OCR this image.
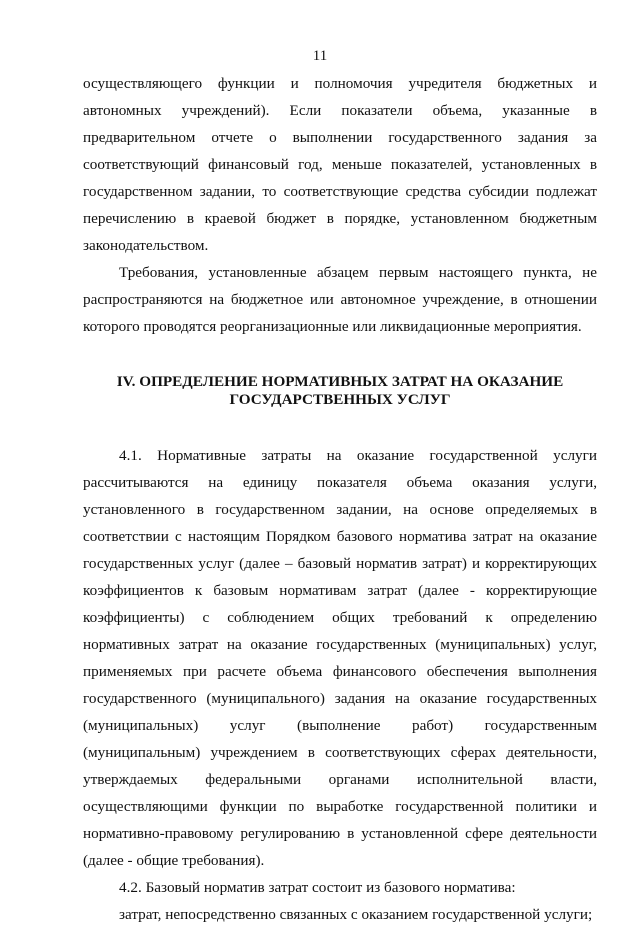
11

осуществляющего функции и полномочия учредителя бюджетных и автономных учреждений). Если показатели объема, указанные в предварительном отчете о выполнении государственного задания за соответствующий финансовый год, меньше показателей, установленных в государственном задании, то соответствующие средства субсидии подлежат перечислению в краевой бюджет в порядке, установленном бюджетным законодательством.

Требования, установленные абзацем первым настоящего пункта, не распространяются на бюджетное или автономное учреждение, в отношении которого проводятся реорганизационные или ликвидационные мероприятия.

IV. ОПРЕДЕЛЕНИЕ НОРМАТИВНЫХ ЗАТРАТ НА ОКАЗАНИЕ
ГОСУДАРСТВЕННЫХ УСЛУГ

4.1. Нормативные затраты на оказание государственной услуги рассчитываются на единицу показателя объема оказания услуги, установленного в государственном задании, на основе определяемых в соответствии с настоящим Порядком базового норматива затрат на оказание государственных услуг (далее – базовый норматив затрат) и корректирующих коэффициентов к базовым нормативам затрат (далее - корректирующие коэффициенты) с соблюдением общих требований к определению нормативных затрат на оказание государственных (муниципальных) услуг, применяемых при расчете объема финансового обеспечения выполнения государственного (муниципального) задания на оказание государственных (муниципальных) услуг (выполнение работ) государственным (муниципальным) учреждением в соответствующих сферах деятельности, утверждаемых федеральными органами исполнительной власти, осуществляющими функции по выработке государственной политики и нормативно-правовому регулированию в установленной сфере деятельности (далее - общие требования).

4.2. Базовый норматив затрат состоит из базового норматива:

затрат, непосредственно связанных с оказанием государственной услуги;
